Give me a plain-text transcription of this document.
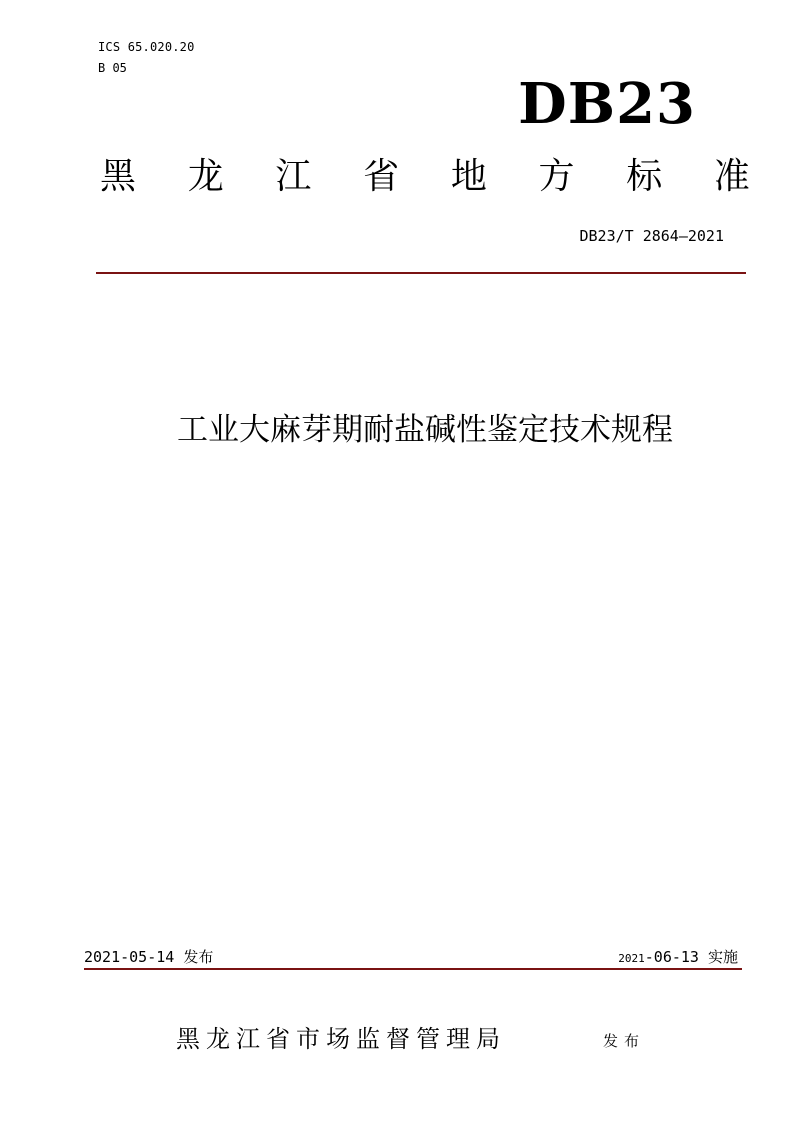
ICS 65.020.20
B 05
DB23
黑 龙 江 省 地 方 标 准
DB23/T 2864—2021
工业大麻芽期耐盐碱性鉴定技术规程
2021-05-14 发布	2021-06-13 实施
黑龙江省市场监督管理局	发布
